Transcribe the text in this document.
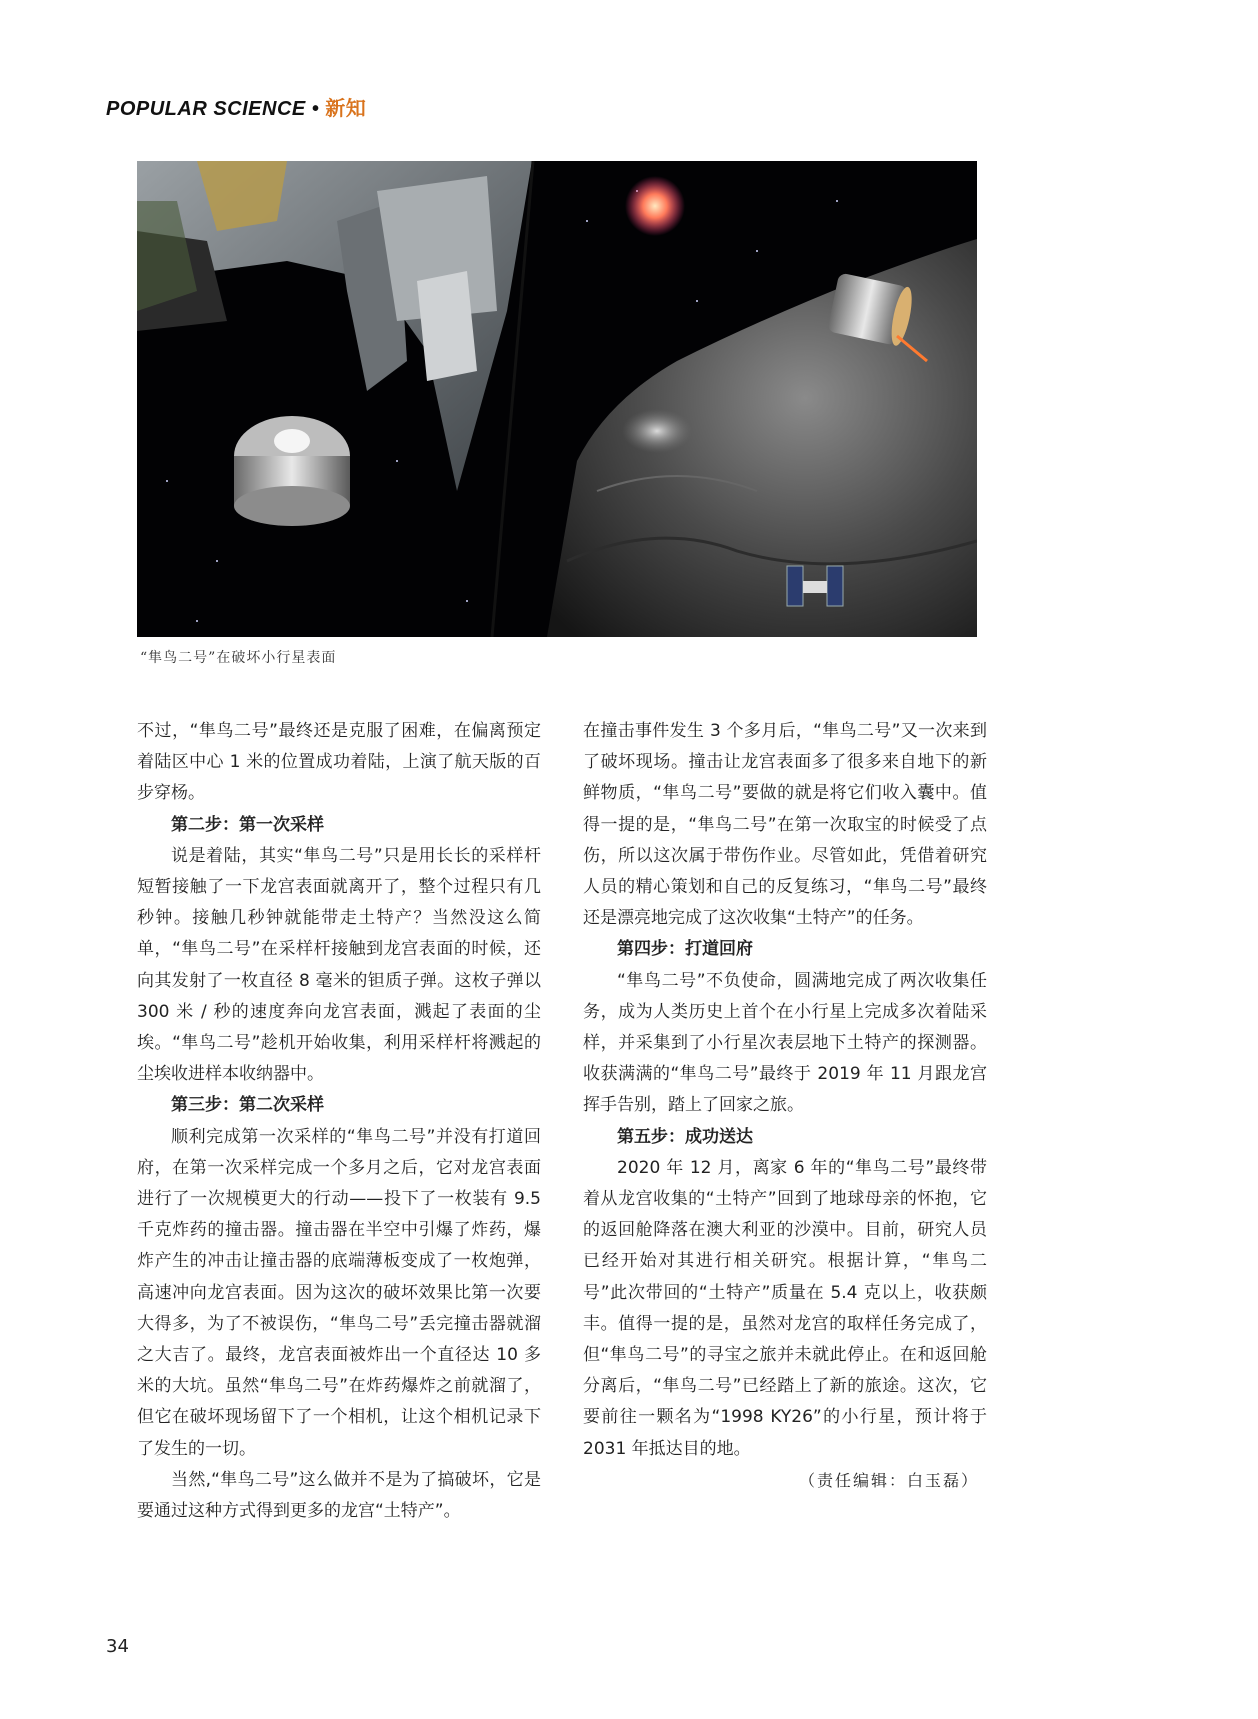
POPULAR SCIENCE • 新知
“隼鸟二号”在破坏小行星表面

不过，“隼鸟二号”最终还是克服了困难，在偏离预定着陆区中心 1 米的位置成功着陆，上演了航天版的百步穿杨。

第二步：第一次采样

说是着陆，其实“隼鸟二号”只是用长长的采样杆短暂接触了一下龙宫表面就离开了，整个过程只有几秒钟。接触几秒钟就能带走土特产？当然没这么简单，“隼鸟二号”在采样杆接触到龙宫表面的时候，还向其发射了一枚直径 8 毫米的钽质子弹。这枚子弹以 300 米 / 秒的速度奔向龙宫表面，溅起了表面的尘埃。“隼鸟二号”趁机开始收集，利用采样杆将溅起的尘埃收进样本收纳器中。

第三步：第二次采样

顺利完成第一次采样的“隼鸟二号”并没有打道回府，在第一次采样完成一个多月之后，它对龙宫表面进行了一次规模更大的行动——投下了一枚装有 9.5 千克炸药的撞击器。撞击器在半空中引爆了炸药，爆炸产生的冲击让撞击器的底端薄板变成了一枚炮弹，高速冲向龙宫表面。因为这次的破坏效果比第一次要大得多，为了不被误伤，“隼鸟二号”丢完撞击器就溜之大吉了。最终，龙宫表面被炸出一个直径达 10 多米的大坑。虽然“隼鸟二号”在炸药爆炸之前就溜了，但它在破坏现场留下了一个相机，让这个相机记录下了发生的一切。

当然,“隼鸟二号”这么做并不是为了搞破坏，它是要通过这种方式得到更多的龙宫“土特产”。

在撞击事件发生 3 个多月后，“隼鸟二号”又一次来到了破坏现场。撞击让龙宫表面多了很多来自地下的新鲜物质，“隼鸟二号”要做的就是将它们收入囊中。值得一提的是，“隼鸟二号”在第一次取宝的时候受了点伤，所以这次属于带伤作业。尽管如此，凭借着研究人员的精心策划和自己的反复练习，“隼鸟二号”最终还是漂亮地完成了这次收集“土特产”的任务。

第四步：打道回府

“隼鸟二号”不负使命，圆满地完成了两次收集任务，成为人类历史上首个在小行星上完成多次着陆采样，并采集到了小行星次表层地下土特产的探测器。收获满满的“隼鸟二号”最终于 2019 年 11 月跟龙宫挥手告别，踏上了回家之旅。

第五步：成功送达

2020 年 12 月，离家 6 年的“隼鸟二号”最终带着从龙宫收集的“土特产”回到了地球母亲的怀抱，它的返回舱降落在澳大利亚的沙漠中。目前，研究人员已经开始对其进行相关研究。根据计算，“隼鸟二号”此次带回的“土特产”质量在 5.4 克以上，收获颇丰。值得一提的是，虽然对龙宫的取样任务完成了，但“隼鸟二号”的寻宝之旅并未就此停止。在和返回舱分离后，“隼鸟二号”已经踏上了新的旅途。这次，它要前往一颗名为“1998 KY26”的小行星，预计将于 2031 年抵达目的地。

（责任编辑：白玉磊）

34
